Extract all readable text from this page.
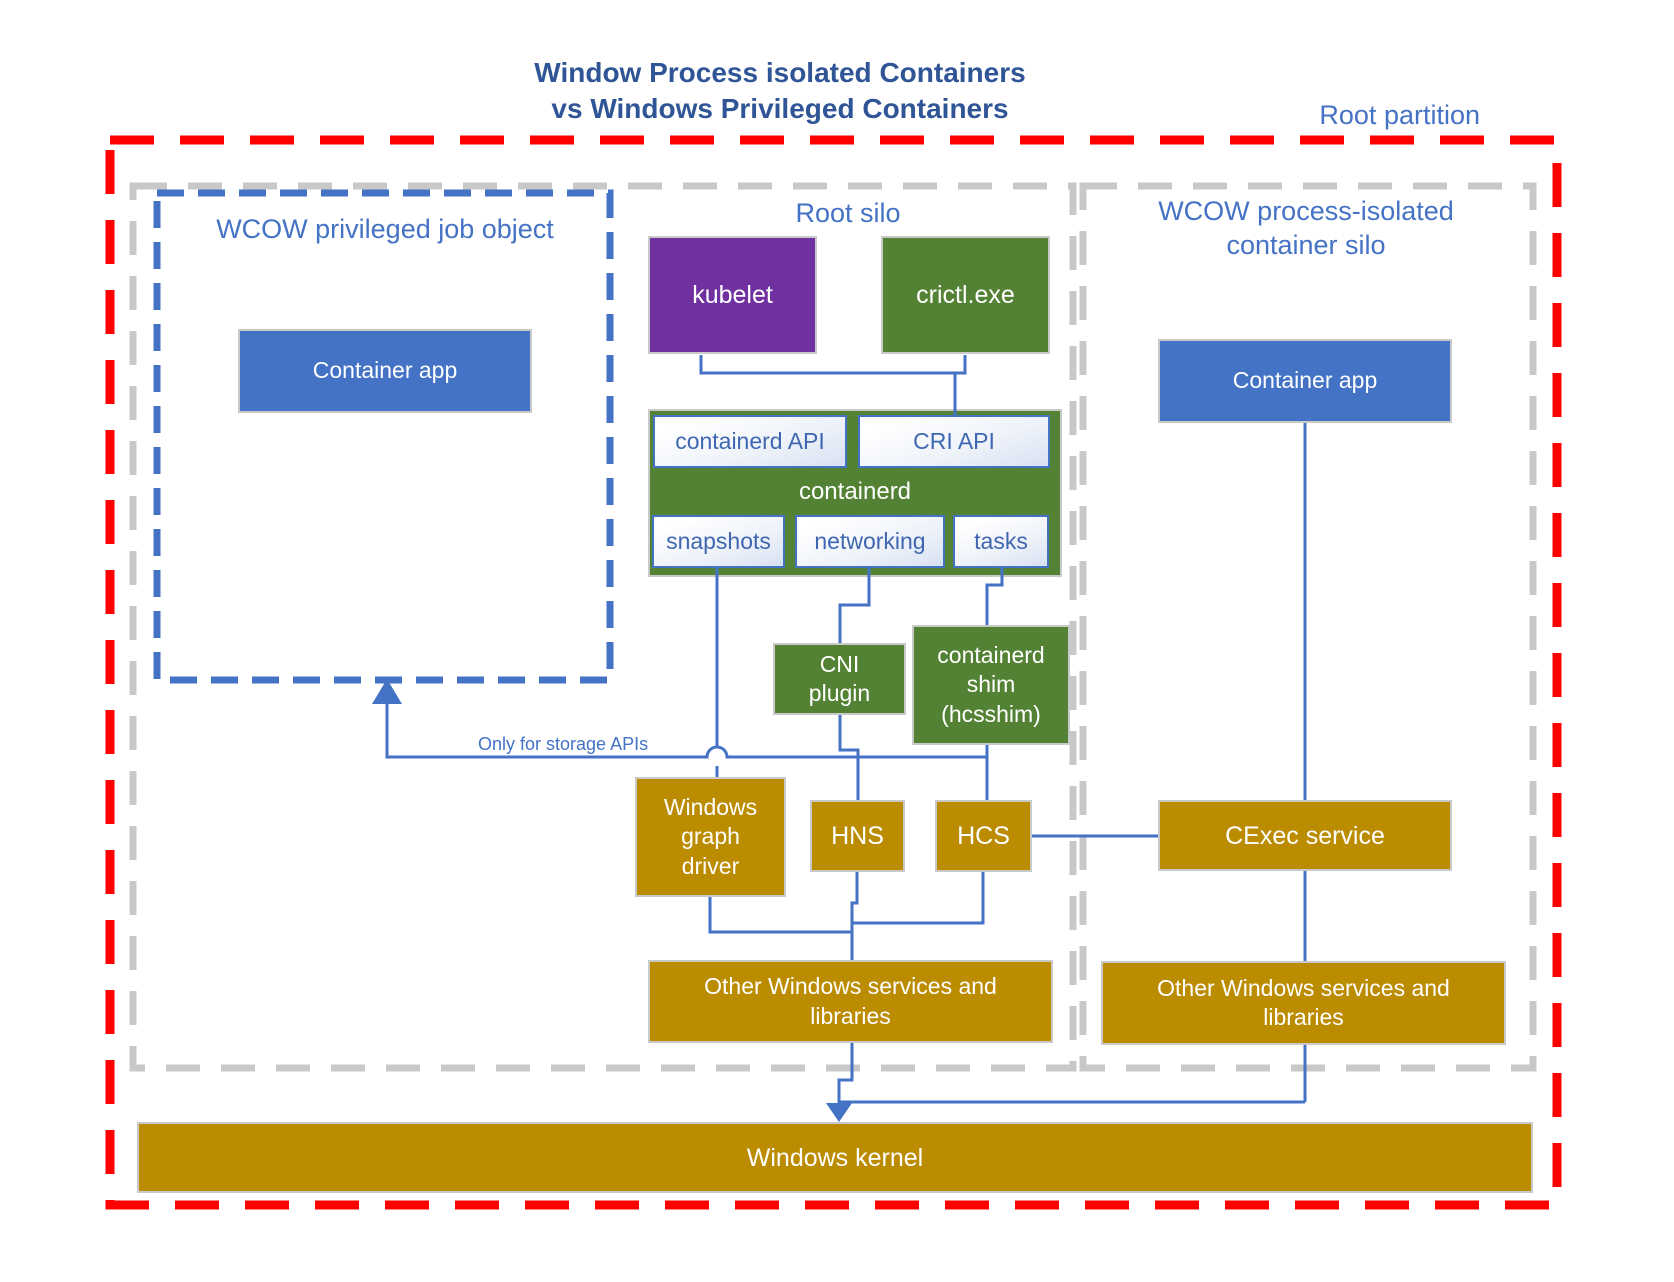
Container app
kubelet	crictl.exe
containerd
containerd API	CRI API
snapshots networking tasks
CNI plugin
containerd shim (hcsshim)
Windows graph driver
HNS	HCS	CExec service
Container app
Other Windows services and libraries
Other Windows services and libraries
Windows kernel
Window Process isolated Containers
vs Windows Privileged Containers	Root partition
Root silo
WCOW privileged job object
WCOW process-isolated
container silo
Only for storage APIs
